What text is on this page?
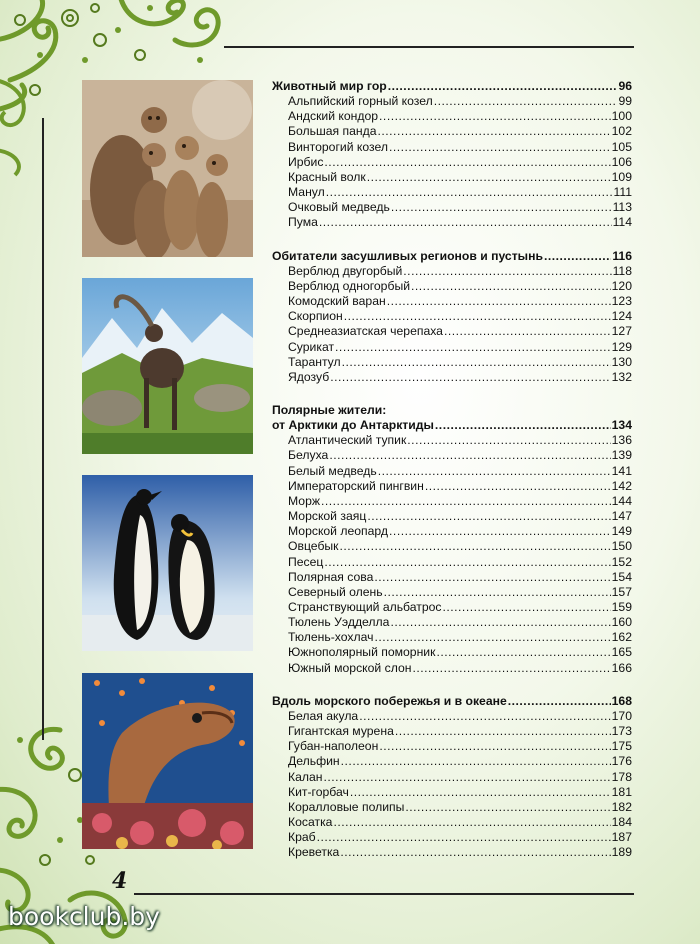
Животный мир гор .....	96
Альпийский горный козел .....	99
Андский кондор .....	100
Большая панда .....	102
Винторогий козел .....	105
Ирбис .....	106
Красный волк .....	109
Манул .....	111
Очковый медведь .....	113
Пума .....	114
Обитатели засушливых регионов и пустынь .....	116
Верблюд двугорбый .....	118
Верблюд одногорбый .....	120
Комодский варан .....	123
Скорпион .....	124
Среднеазиатская черепаха .....	127
Сурикат .....	129
Тарантул .....	130
Ядозуб .....	132
Полярные жители:
от Арктики до Антарктиды .....	134
Атлантический тупик .....	136
Белуха .....	139
Белый медведь .....	141
Императорский пингвин .....	142
Морж .....	144
Морской заяц .....	147
Морской леопард .....	149
Овцебык .....	150
Песец .....	152
Полярная сова .....	154
Северный олень .....	157
Странствующий альбатрос .....	159
Тюлень Уэдделла .....	160
Тюлень-хохлач .....	162
Южнополярный поморник .....	165
Южный морской слон .....	166
Вдоль морского побережья и в океане .....	168
Белая акула .....	170
Гигантская мурена .....	173
Губан-наполеон .....	175
Дельфин .....	176
Калан .....	178
Кит-горбач .....	181
Коралловые полипы .....	182
Косатка .....	184
Краб .....	187
Креветка .....	189
4
bookclub.by
